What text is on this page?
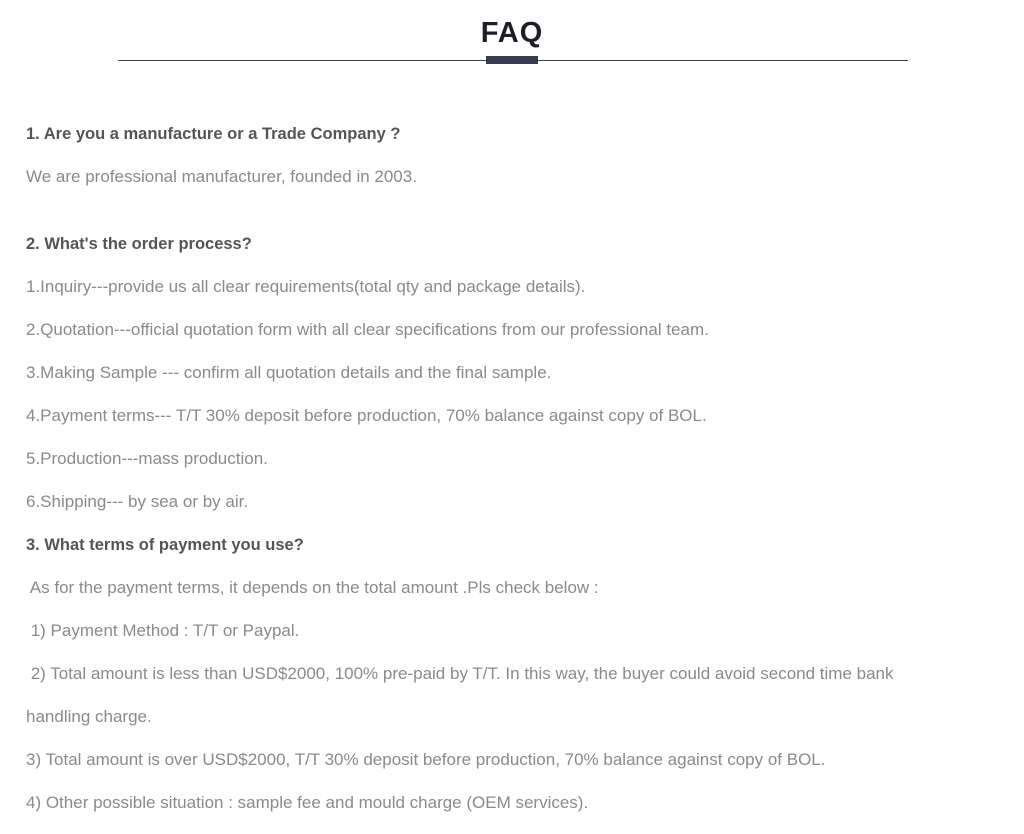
FAQ

1. Are you a manufacture or a Trade Company ?

We are professional manufacturer, founded in 2003.

2. What's the order process?

1.Inquiry---provide us all clear requirements(total qty and package details).

2.Quotation---official quotation form with all clear specifications from our professional team.

3.Making Sample --- confirm all quotation details and the final sample.

4.Payment terms--- T/T 30% deposit before production, 70% balance against copy of BOL.

5.Production---mass production.

6.Shipping--- by sea or by air.

3. What terms of payment you use?

As for the payment terms, it depends on the total amount .Pls check below :

1) Payment Method : T/T or Paypal.

2) Total amount is less than USD$2000, 100% pre-paid by T/T. In this way, the buyer could avoid second time bank

handling charge.

3) Total amount is over USD$2000, T/T 30% deposit before production, 70% balance against copy of BOL.

4) Other possible situation : sample fee and mould charge (OEM services).
